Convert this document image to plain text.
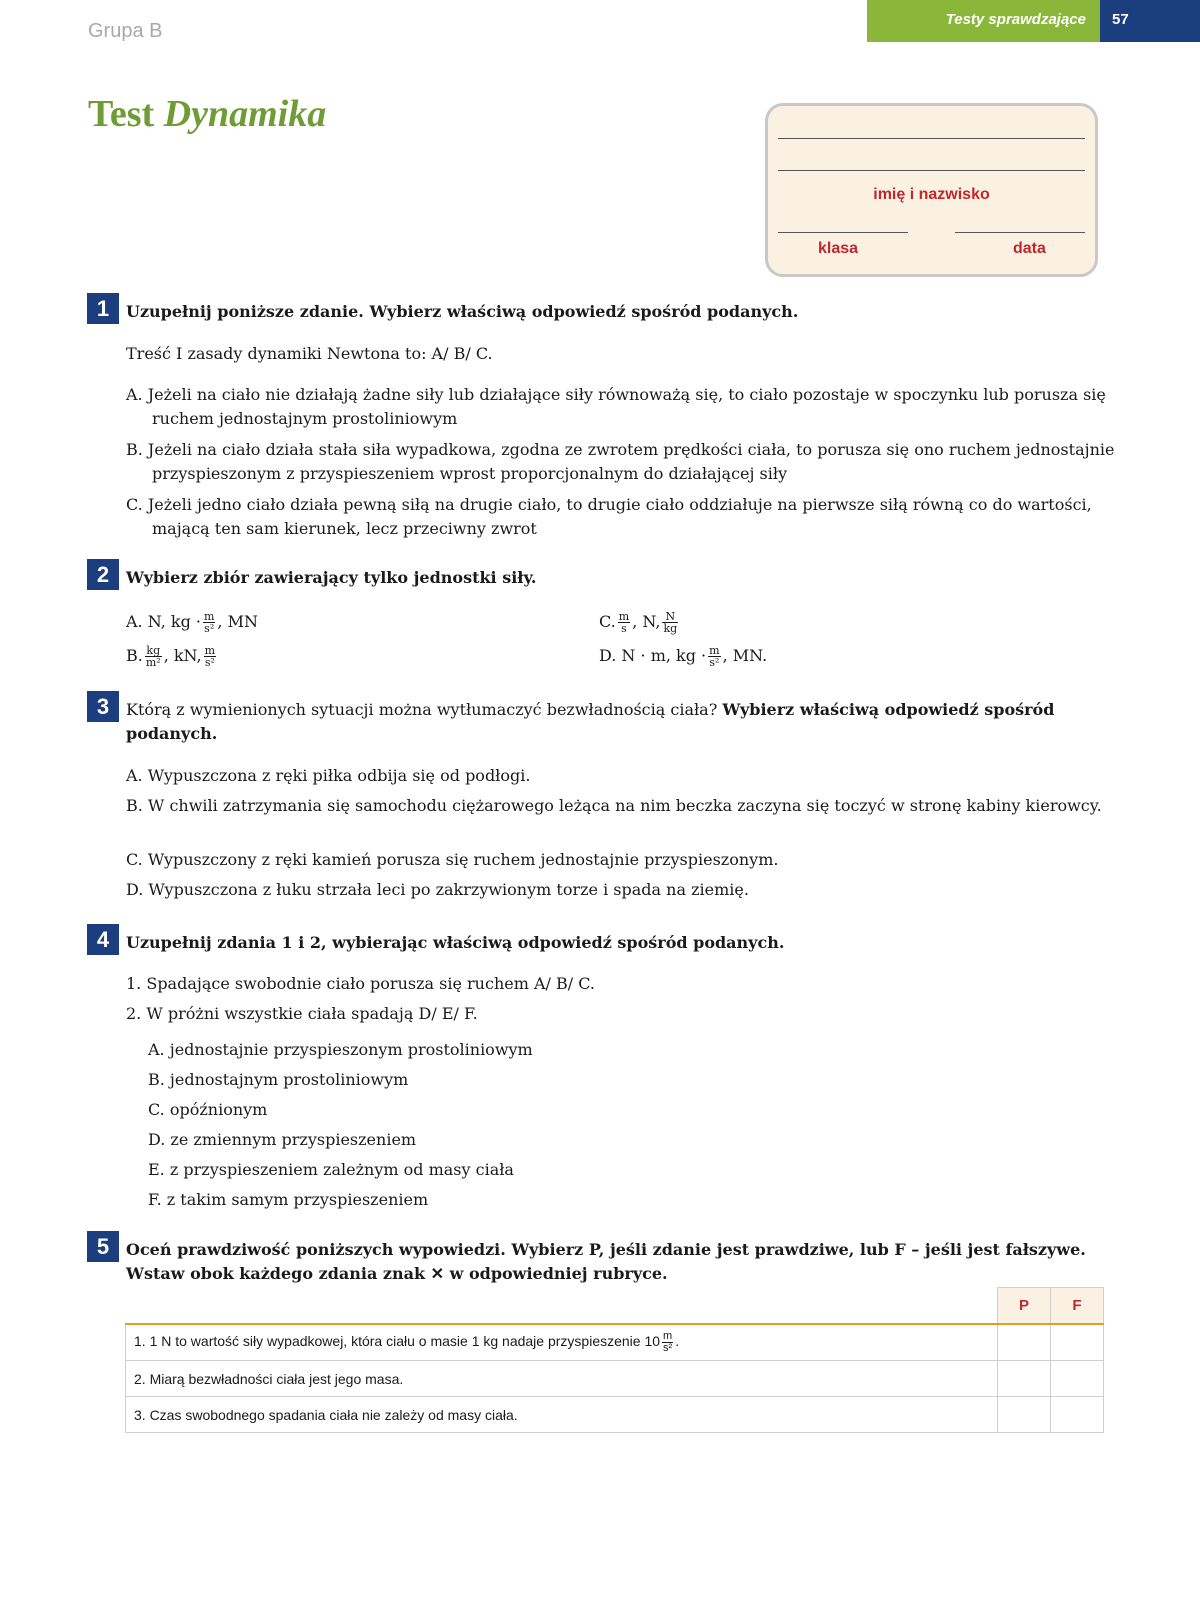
Grupa B
Testy sprawdzające 57
Test Dynamika
imię i nazwisko
klasa	data
1	Uzupełnij poniższe zdanie. Wybierz właściwą odpowiedź spośród podanych.
Treść I zasady dynamiki Newtona to: A/ B/ C.
A. Jeżeli na ciało nie działają żadne siły lub działające siły równoważą się, to ciało pozostaje w spoczynku lub porusza się ruchem jednostajnym prostoliniowym
B. Jeżeli na ciało działa stała siła wypadkowa, zgodna ze zwrotem prędkości ciała, to porusza się ono ruchem jednostajnie przyspieszonym z przyspieszeniem wprost proporcjonalnym do działającej siły
C. Jeżeli jedno ciało działa pewną siłą na drugie ciało, to drugie ciało oddziałuje na pierwsze siłą równą co do wartości, mającą ten sam kierunek, lecz przeciwny zwrot
2	Wybierz zbiór zawierający tylko jednostki siły.
A. N, kg · $\frac{m}{\text{s²}}$ , MN
B. $\frac{kg}{\text{m²}}$ , kN, $\frac{m}{\text{s²}}$
C. $\frac{m}{s}$ , N, $\frac{N}{kg}$
D. N · m, kg · $\frac{m}{\text{s²}}$ , MN.
3	Którą z wymienionych sytuacji można wytłumaczyć bezwładnością ciała? Wybierz właściwą odpowiedź spośród podanych.
A. Wypuszczona z ręki piłka odbija się od podłogi.
B. W chwili zatrzymania się samochodu ciężarowego leżąca na nim beczka zaczyna się toczyć w stronę kabiny kierowcy.
C. Wypuszczony z ręki kamień porusza się ruchem jednostajnie przyspieszonym.
D. Wypuszczona z łuku strzała leci po zakrzywionym torze i spada na ziemię.
4	Uzupełnij zdania 1 i 2, wybierając właściwą odpowiedź spośród podanych.
1. Spadające swobodnie ciało porusza się ruchem A/ B/ C.
2. W próżni wszystkie ciała spadają D/ E/ F.
A. jednostajnie przyspieszonym prostoliniowym
B. jednostajnym prostoliniowym
C. opóźnionym
D. ze zmiennym przyspieszeniem
E. z przyspieszeniem zależnym od masy ciała
F. z takim samym przyspieszeniem
5	Oceń prawdziwość poniższych wypowiedzi. Wybierz P, jeśli zdanie jest prawdziwe, lub F – jeśli jest fałszywe. Wstaw obok każdego zdania znak ✕ w odpowiedniej rubryce.
	P	F
1. 1 N to wartość siły wypadkowej, która ciału o masie 1 kg nadaje przyspieszenie $10 \frac{m}{\text{s²}}$ .		
2. Miarą bezwładności ciała jest jego masa.		
3. Czas swobodnego spadania ciała nie zależy od masy ciała.		
